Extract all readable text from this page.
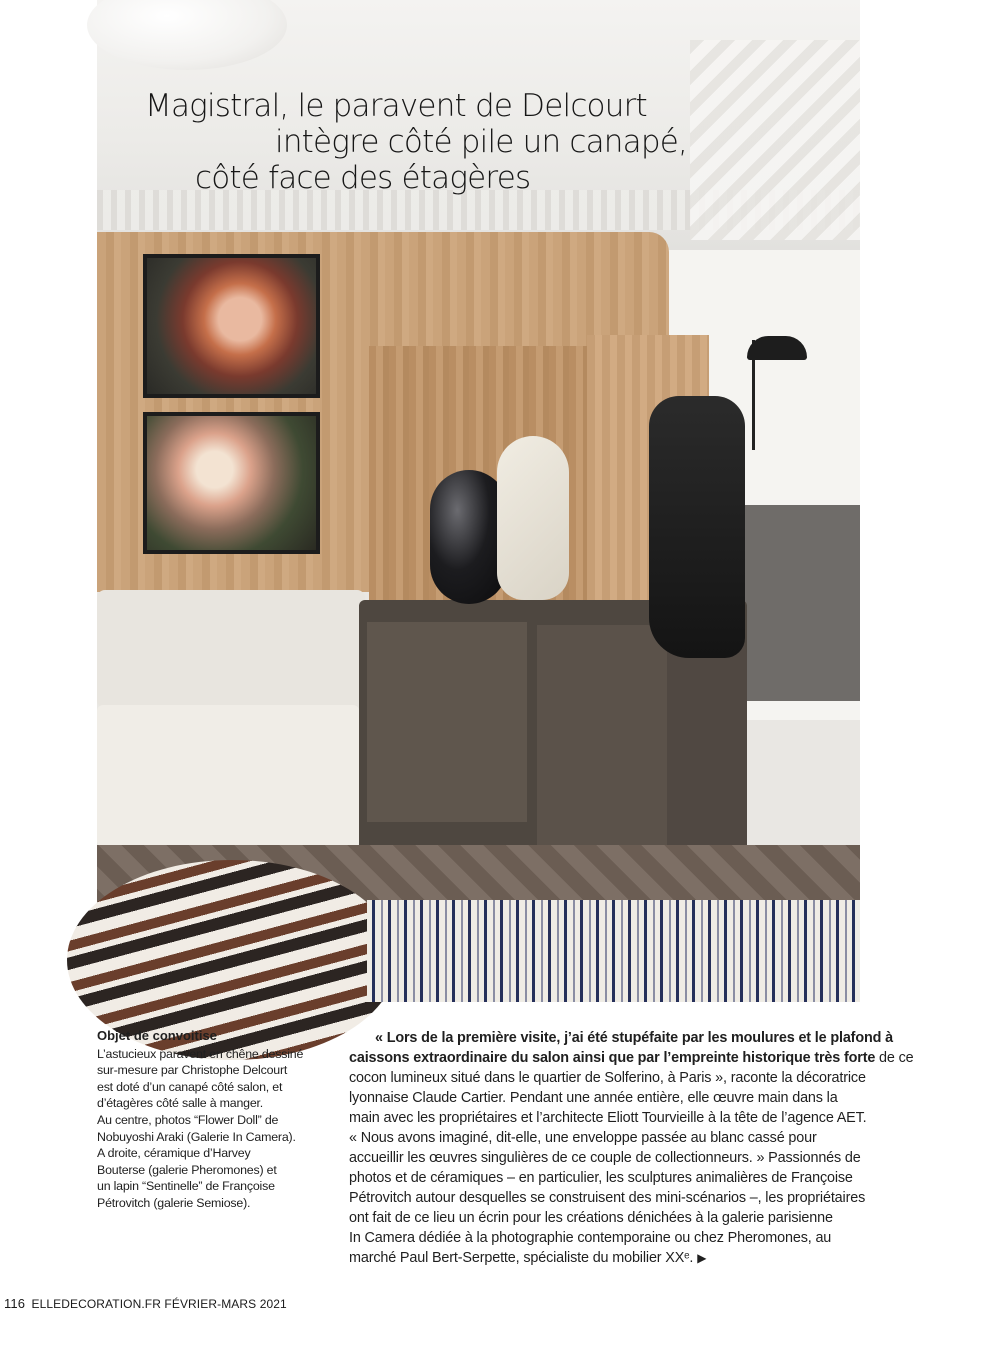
Magistral, le paravent de Delcourt
intègre côté pile un canapé,
côté face des étagères
Objet de convoitise
L’astucieux paravent en chêne dessiné
sur-mesure par Christophe Delcourt
est doté d’un canapé côté salon, et
d’étagères côté salle à manger.
Au centre, photos “Flower Doll” de
Nobuyoshi Araki (Galerie In Camera).
A droite, céramique d’Harvey
Bouterse (galerie Pheromones) et
un lapin “Sentinelle” de Françoise
Pétrovitch (galerie Semiose).
« Lors de la première visite, j’ai été stupéfaite par les moulures et le plafond à
caissons extraordinaire du salon ainsi que par l’empreinte historique très forte de ce
cocon lumineux situé dans le quartier de Solferino, à Paris », raconte la décoratrice
lyonnaise Claude Cartier. Pendant une année entière, elle œuvre main dans la
main avec les propriétaires et l’architecte Eliott Tourvieille à la tête de l’agence AET.
« Nous avons imaginé, dit-elle, une enveloppe passée au blanc cassé pour
accueillir les œuvres singulières de ce couple de collectionneurs. » Passionnés de
photos et de céramiques – en particulier, les sculptures animalières de Françoise
Pétrovitch autour desquelles se construisent des mini-scénarios –, les propriétaires
ont fait de ce lieu un écrin pour les créations dénichées à la galerie parisienne
In Camera dédiée à la photographie contemporaine ou chez Pheromones, au
marché Paul Bert-Serpette, spécialiste du mobilier XXᵉ. ▶
116 ELLEDECORATION.FR FÉVRIER-MARS 2021
